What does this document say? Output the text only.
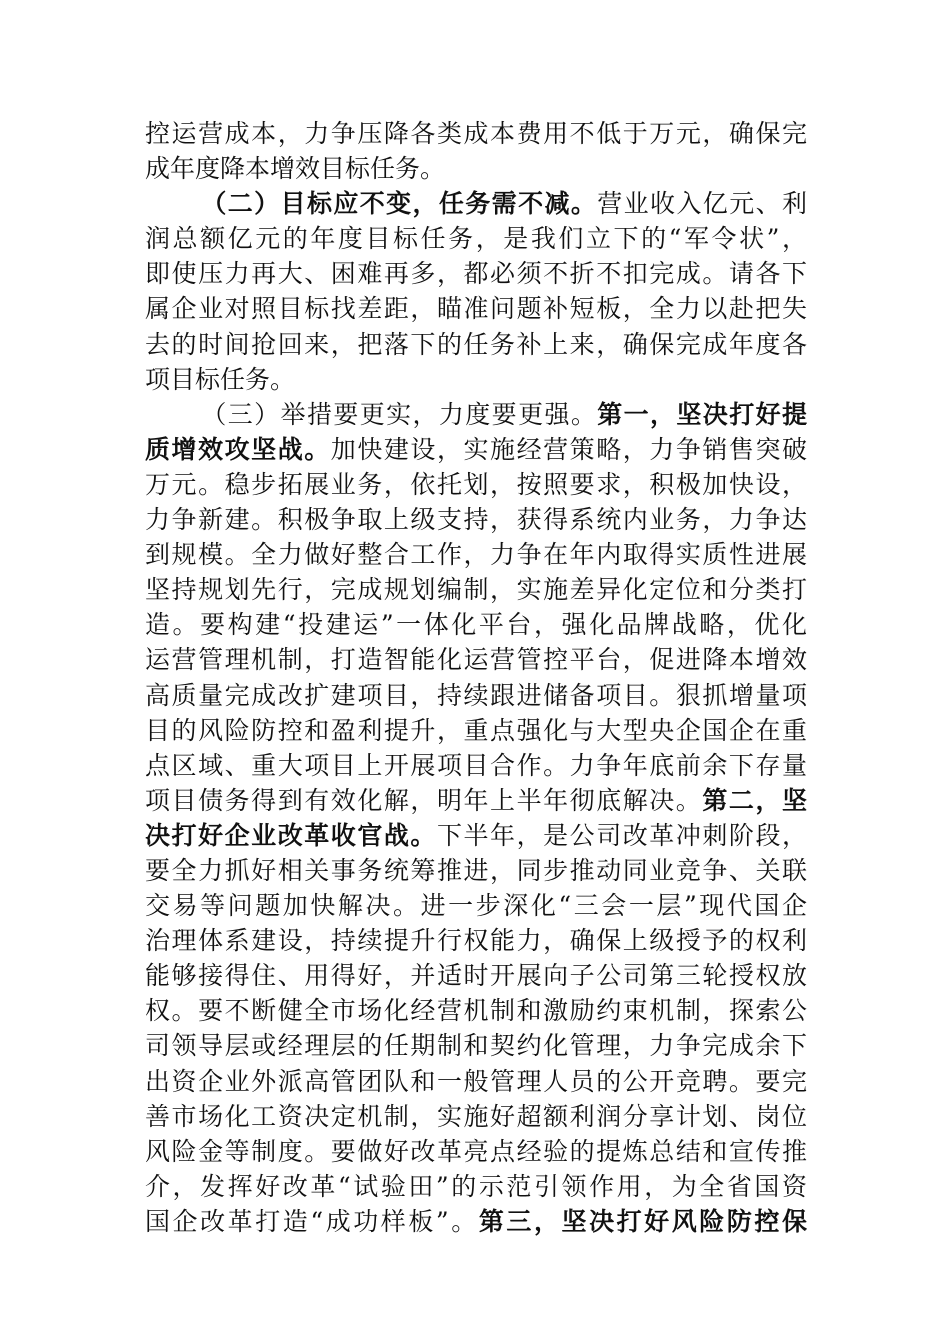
控运营成本，力争压降各类成本费用不低于万元，确保完
成年度降本增效目标任务。
（二）目标应不变，任务需不减。营业收入亿元、利
润总额亿元的年度目标任务，是我们立下的“军令状”，
即使压力再大、困难再多，都必须不折不扣完成。请各下
属企业对照目标找差距，瞄准问题补短板，全力以赴把失
去的时间抢回来，把落下的任务补上来，确保完成年度各
项目标任务。
（三）举措要更实，力度要更强。第一，坚决打好提
质增效攻坚战。加快建设，实施经营策略，力争销售突破
万元。稳步拓展业务，依托划，按照要求，积极加快设，
力争新建。积极争取上级支持，获得系统内业务，力争达
到规模。全力做好整合工作，力争在年内取得实质性进展
坚持规划先行，完成规划编制，实施差异化定位和分类打
造。要构建“投建运”一体化平台，强化品牌战略，优化
运营管理机制，打造智能化运营管控平台，促进降本增效
高质量完成改扩建项目，持续跟进储备项目。狠抓增量项
目的风险防控和盈利提升，重点强化与大型央企国企在重
点区域、重大项目上开展项目合作。力争年底前余下存量
项目债务得到有效化解，明年上半年彻底解决。第二，坚
决打好企业改革收官战。下半年，是公司改革冲刺阶段，
要全力抓好相关事务统筹推进，同步推动同业竞争、关联
交易等问题加快解决。进一步深化“三会一层”现代国企
治理体系建设，持续提升行权能力，确保上级授予的权利
能够接得住、用得好，并适时开展向子公司第三轮授权放
权。要不断健全市场化经营机制和激励约束机制，探索公
司领导层或经理层的任期制和契约化管理，力争完成余下
出资企业外派高管团队和一般管理人员的公开竞聘。要完
善市场化工资决定机制，实施好超额利润分享计划、岗位
风险金等制度。要做好改革亮点经验的提炼总结和宣传推
介，发挥好改革“试验田”的示范引领作用，为全省国资
国企改革打造“成功样板”。第三，坚决打好风险防控保
